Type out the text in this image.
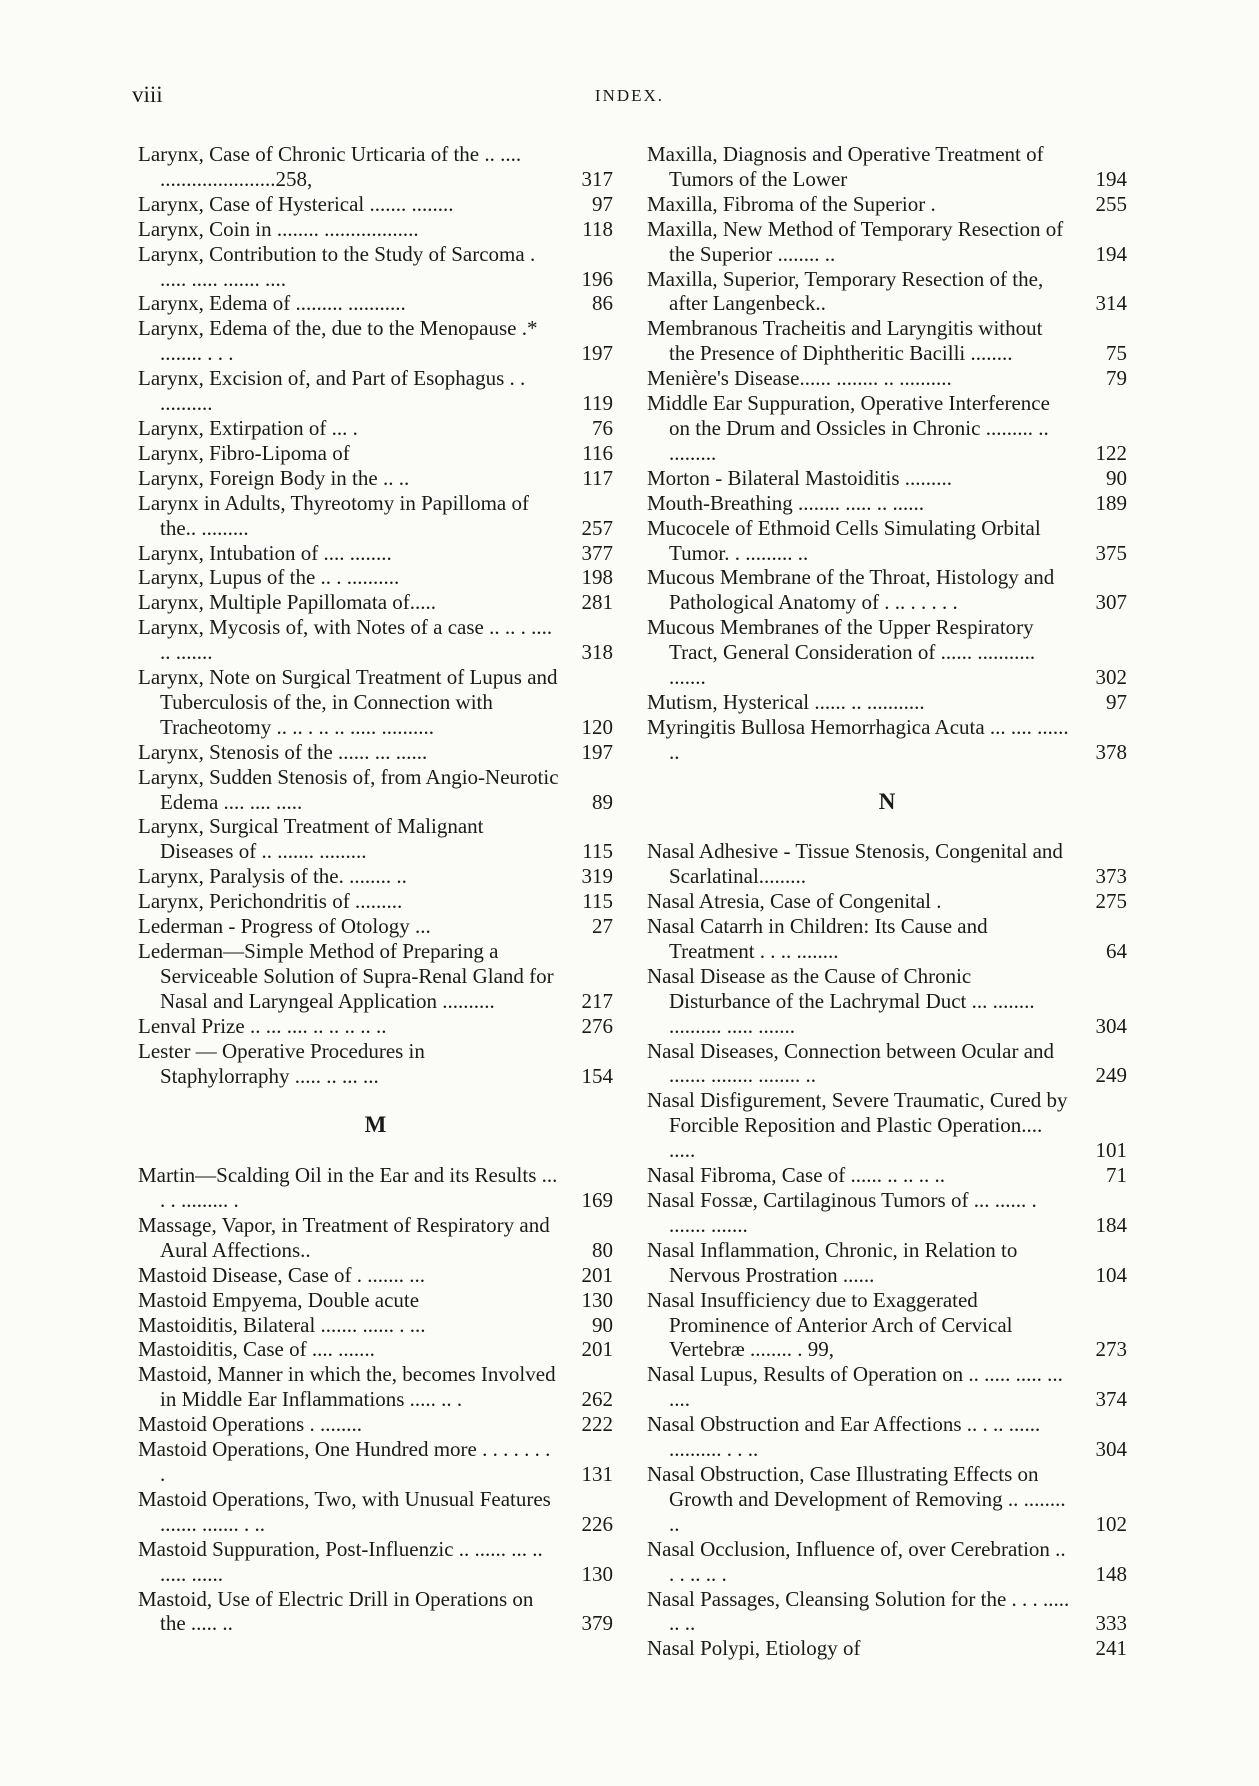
viii	INDEX.
Larynx, Case of Chronic Urticaria of the .. .... ......................258,	317
Larynx, Case of Hysterical ....... ........	97
Larynx, Coin in ........ ..................	118
Larynx, Contribution to the Study of Sarcoma . ..... ..... ....... ....	196
Larynx, Edema of ......... ...........	86
Larynx, Edema of the, due to the Menopause .* ........ . . .	197
Larynx, Excision of, and Part of Esophagus . . ..........	119
Larynx, Extirpation of ... .	76
Larynx, Fibro-Lipoma of	116
Larynx, Foreign Body in the .. ..	117
Larynx in Adults, Thyreotomy in Papilloma of the.. .........	257
Larynx, Intubation of .... ........	377
Larynx, Lupus of the .. . ..........	198
Larynx, Multiple Papillomata of.....	281
Larynx, Mycosis of, with Notes of a case .. .. . .... .. .......	318
Larynx, Note on Surgical Treatment of Lupus and Tuberculosis of the, in Connection with Tracheotomy .. .. . .. .. ..... ..........	120
Larynx, Stenosis of the ...... ... ......	197
Larynx, Sudden Stenosis of, from Angio-Neurotic Edema .... .... .....	89
Larynx, Surgical Treatment of Malignant Diseases of .. ....... .........	115
Larynx, Paralysis of the. ........ ..	319
Larynx, Perichondritis of .........	115
Lederman - Progress of Otology ...	27
Lederman—Simple Method of Preparing a Serviceable Solution of Supra-Renal Gland for Nasal and Laryngeal Application ..........	217
Lenval Prize .. ... .... .. .. .. .. ..	276
Lester — Operative Procedures in Staphylorraphy ..... .. ... ...	154
M
Martin—Scalding Oil in the Ear and its Results ... . . ......... .	169
Massage, Vapor, in Treatment of Respiratory and Aural Affections..	80
Mastoid Disease, Case of . ....... ...	201
Mastoid Empyema, Double acute	130
Mastoiditis, Bilateral ....... ...... . ...	90
Mastoiditis, Case of .... .......	201
Mastoid, Manner in which the, becomes Involved in Middle Ear Inflammations ..... .. .	262
Mastoid Operations . ........	222
Mastoid Operations, One Hundred more . . . . . . . .	131
Mastoid Operations, Two, with Unusual Features ....... ....... . ..	226
Mastoid Suppuration, Post-Influenzic .. ...... ... .. ..... ......	130
Mastoid, Use of Electric Drill in Operations on the ..... ..	379
Maxilla, Diagnosis and Operative Treatment of Tumors of the Lower	194
Maxilla, Fibroma of the Superior .	255
Maxilla, New Method of Temporary Resection of the Superior ........ ..	194
Maxilla, Superior, Temporary Resection of the, after Langenbeck..	314
Membranous Tracheitis and Laryngitis without the Presence of Diphtheritic Bacilli ........	75
Menière's Disease...... ........ .. ..........	79
Middle Ear Suppuration, Operative Interference on the Drum and Ossicles in Chronic ......... .. .........	122
Morton - Bilateral Mastoiditis .........	90
Mouth-Breathing ........ ..... .. ......	189
Mucocele of Ethmoid Cells Simulating Orbital Tumor. . ......... ..	375
Mucous Membrane of the Throat, Histology and Pathological Anatomy of . .. . . . . .	307
Mucous Membranes of the Upper Respiratory Tract, General Consideration of ...... ........... .......	302
Mutism, Hysterical ...... .. ...........	97
Myringitis Bullosa Hemorrhagica Acuta ... .... ...... ..	378
N
Nasal Adhesive - Tissue Stenosis, Congenital and Scarlatinal.........	373
Nasal Atresia, Case of Congenital .	275
Nasal Catarrh in Children: Its Cause and Treatment . . .. ........	64
Nasal Disease as the Cause of Chronic Disturbance of the Lachrymal Duct ... ........ .......... ..... .......	304
Nasal Diseases, Connection between Ocular and ....... ........ ........ ..	249
Nasal Disfigurement, Severe Traumatic, Cured by Forcible Reposition and Plastic Operation.... .....	101
Nasal Fibroma, Case of ...... .. .. .. ..	71
Nasal Fossæ, Cartilaginous Tumors of ... ...... . ....... .......	184
Nasal Inflammation, Chronic, in Relation to Nervous Prostration ......	104
Nasal Insufficiency due to Exaggerated Prominence of Anterior Arch of Cervical Vertebræ ........ . 99,	273
Nasal Lupus, Results of Operation on .. ..... ..... ... ....	374
Nasal Obstruction and Ear Affections .. . .. ...... .......... . . ..	304
Nasal Obstruction, Case Illustrating Effects on Growth and Development of Removing .. ........ ..	102
Nasal Occlusion, Influence of, over Cerebration .. . . .. .. .	148
Nasal Passages, Cleansing Solution for the . . . ..... .. ..	333
Nasal Polypi, Etiology of	241
